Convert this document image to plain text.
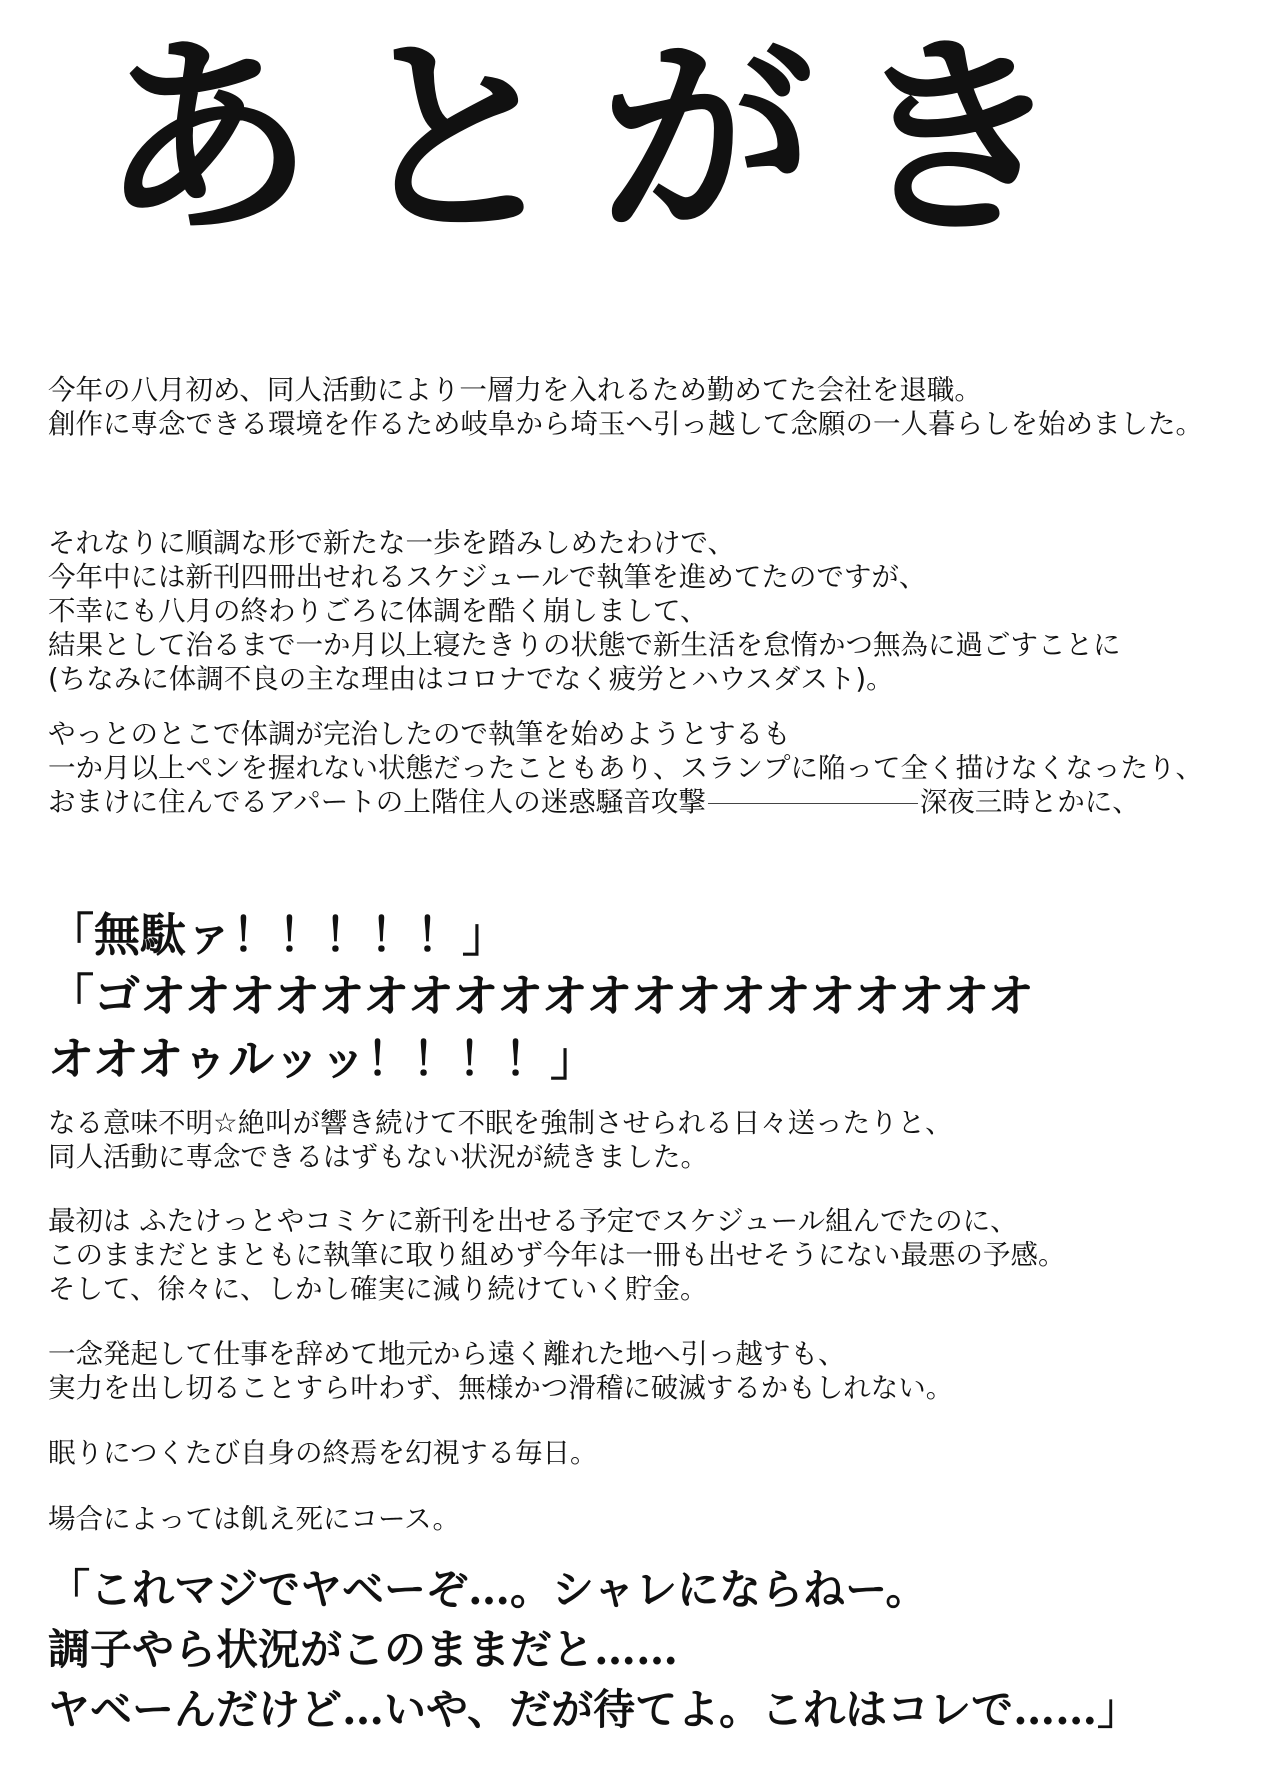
あとがき
今年の八月初め、同人活動により一層力を入れるため勤めてた会社を退職。
創作に専念できる環境を作るため岐阜から埼玉へ引っ越して念願の一人暮らしを始めました。
それなりに順調な形で新たな一歩を踏みしめたわけで、
今年中には新刊四冊出せれるスケジュールで執筆を進めてたのですが、
不幸にも八月の終わりごろに体調を酷く崩しまして、
結果として治るまで一か月以上寝たきりの状態で新生活を怠惰かつ無為に過ごすことに
(ちなみに体調不良の主な理由はコロナでなく疲労とハウスダスト)。
やっとのとこで体調が完治したので執筆を始めようとするも
一か月以上ペンを握れない状態だったこともあり、スランプに陥って全く描けなくなったり、
おまけに住んでるアパートの上階住人の迷惑騒音攻撃	深夜三時とかに、
「無駄ァ！！！！！」
「ゴオオオオオオオオオオオオオオオオオオオオ
オオオゥルッッ！！！！」
なる意味不明☆絶叫が響き続けて不眠を強制させられる日々送ったりと、
同人活動に専念できるはずもない状況が続きました。
最初は ふたけっとやコミケに新刊を出せる予定でスケジュール組んでたのに、
このままだとまともに執筆に取り組めず今年は一冊も出せそうにない最悪の予感。
そして、徐々に、しかし確実に減り続けていく貯金。
一念発起して仕事を辞めて地元から遠く離れた地へ引っ越すも、
実力を出し切ることすら叶わず、無様かつ滑稽に破滅するかもしれない。
眠りにつくたび自身の終焉を幻視する毎日。
場合によっては飢え死にコース。
「これマジでヤベーぞ…。シャレにならねー。
調子やら状況がこのままだと……
ヤベーんだけど…いや、だが待てよ。これはコレで……」
